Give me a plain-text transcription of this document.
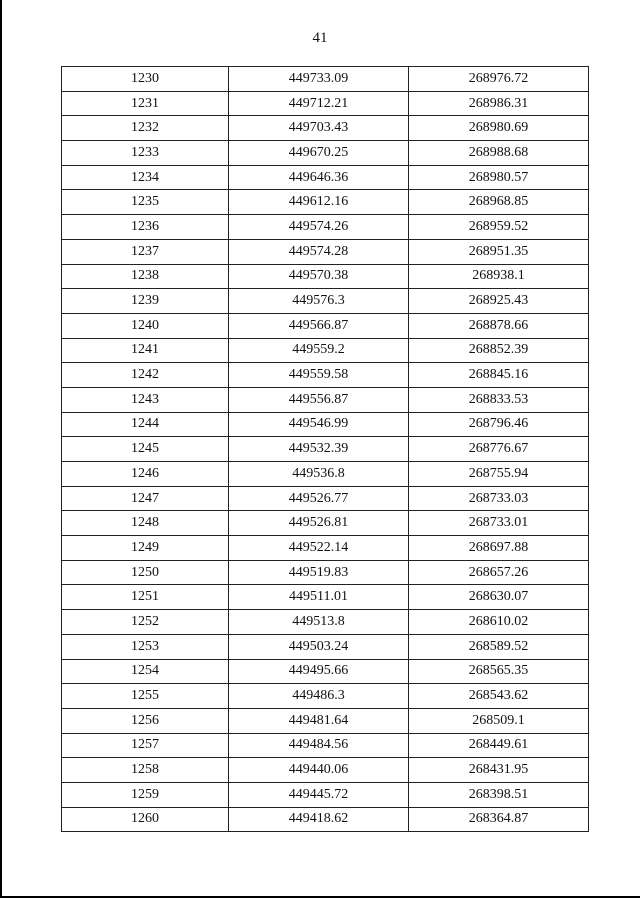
41
1230	449733.09	268976.72
1231	449712.21	268986.31
1232	449703.43	268980.69
1233	449670.25	268988.68
1234	449646.36	268980.57
1235	449612.16	268968.85
1236	449574.26	268959.52
1237	449574.28	268951.35
1238	449570.38	268938.1
1239	449576.3	268925.43
1240	449566.87	268878.66
1241	449559.2	268852.39
1242	449559.58	268845.16
1243	449556.87	268833.53
1244	449546.99	268796.46
1245	449532.39	268776.67
1246	449536.8	268755.94
1247	449526.77	268733.03
1248	449526.81	268733.01
1249	449522.14	268697.88
1250	449519.83	268657.26
1251	449511.01	268630.07
1252	449513.8	268610.02
1253	449503.24	268589.52
1254	449495.66	268565.35
1255	449486.3	268543.62
1256	449481.64	268509.1
1257	449484.56	268449.61
1258	449440.06	268431.95
1259	449445.72	268398.51
1260	449418.62	268364.87
